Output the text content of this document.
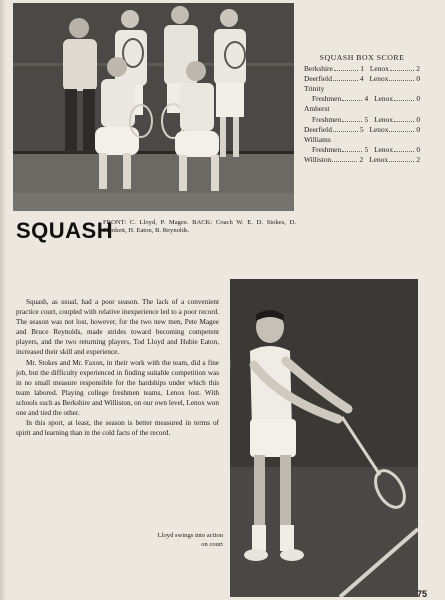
SQUASH BOX SCORE
Berkshire	1 Lenox	2
Deerfield	4 Lenox	0
Trinity
Freshmen	4 Lenox	0
Amherst
Freshmen	5 Lenox	0
Deerfield	5 Lenox	0
Williams
Freshmen	5 Lenox	0
Williston	2 Lenox	2
SQUASH
FRONT: C. Lloyd, P. Magee. BACK: Coach W. E. D. Stokes, D. Plunkett, H. Eaton, B. Reynolds.

Squash, as usual, had a poor season. The lack of a convenient practice court, coupled with relative inexperience led to a poor record. The season was not lost, however, for the two new men, Pete Magee and Bruce Reynolds, made strides toward becoming competent players, and the two returning players, Tod Lloyd and Hubie Eaton, increased their skill and experience.

Mr. Stokes and Mr. Faxon, in their work with the team, did a fine job, but the difficulty experienced in finding suitable competition was in no small measure responsible for the hardships under which this team labored. Playing college freshmen teams, Lenox lost. With schools such as Berkshire and Williston, on our own level, Lenox won one and tied the other.

In this sport, at least, the season is better measured in terms of spirit and learning than in the cold facts of the record.

Lloyd swings into action on court
75
